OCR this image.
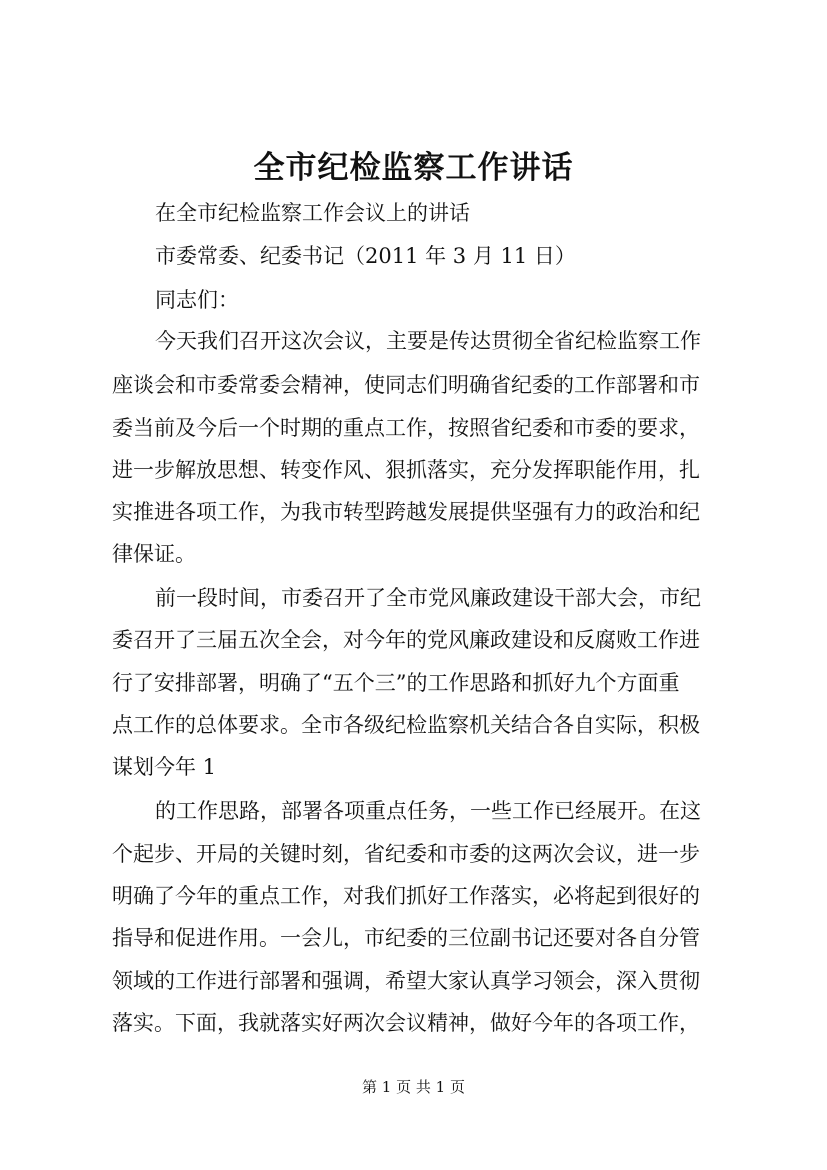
全市纪检监察工作讲话
在全市纪检监察工作会议上的讲话
市委常委、纪委书记（2011 年 3 月 11 日）
同志们：
今天我们召开这次会议，主要是传达贯彻全省纪检监察工作
座谈会和市委常委会精神，使同志们明确省纪委的工作部署和市
委当前及今后一个时期的重点工作，按照省纪委和市委的要求，
进一步解放思想、转变作风、狠抓落实，充分发挥职能作用，扎
实推进各项工作，为我市转型跨越发展提供坚强有力的政治和纪
律保证。
前一段时间，市委召开了全市党风廉政建设干部大会，市纪
委召开了三届五次全会，对今年的党风廉政建设和反腐败工作进
行了安排部署，明确了“五个三”的工作思路和抓好九个方面重
点工作的总体要求。全市各级纪检监察机关结合各自实际，积极
谋划今年 1
的工作思路，部署各项重点任务，一些工作已经展开。在这
个起步、开局的关键时刻，省纪委和市委的这两次会议，进一步
明确了今年的重点工作，对我们抓好工作落实，必将起到很好的
指导和促进作用。一会儿，市纪委的三位副书记还要对各自分管
领域的工作进行部署和强调，希望大家认真学习领会，深入贯彻
落实。下面，我就落实好两次会议精神，做好今年的各项工作，
第 1 页 共 1 页
